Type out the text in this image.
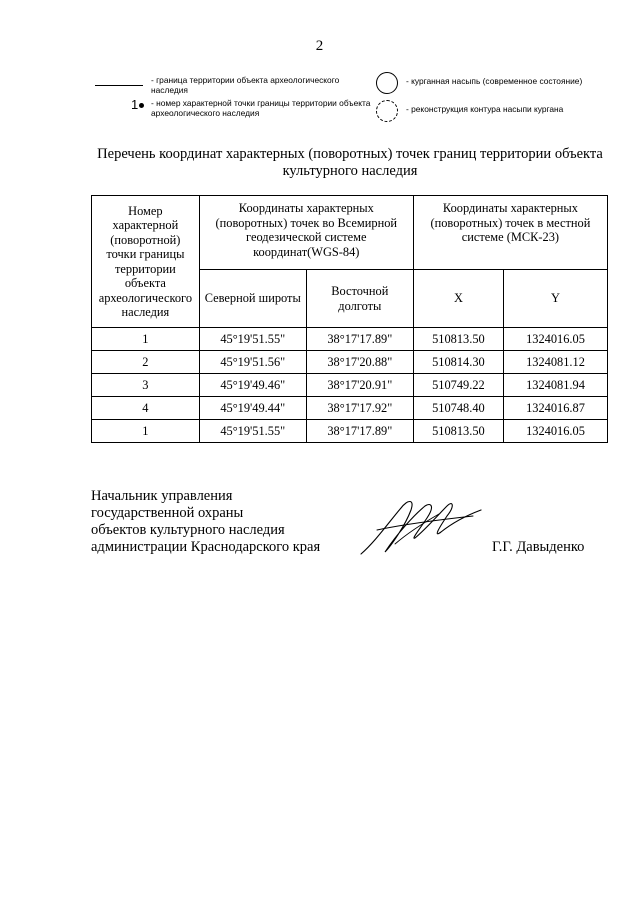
2
- граница территории объекта археологического наследия
1	- номер характерной точки границы территории объекта археологического наследия
- курганная насыпь (современное состояние)
- реконструкция контура насыпи кургана
Перечень координат характерных (поворотных) точек границ территории объекта культурного наследия
Номер характерной (поворотной) точки границы территории объекта археологического наследия	Координаты характерных (поворотных) точек во Всемирной геодезической системе координат(WGS-84)		Координаты характерных (поворотных) точек в местной системе (МСК-23)	
	Северной широты	Восточной долготы	X	Y
1	45°19'51.55"	38°17'17.89"	510813.50	1324016.05
2	45°19'51.56"	38°17'20.88"	510814.30	1324081.12
3	45°19'49.46"	38°17'20.91"	510749.22	1324081.94
4	45°19'49.44"	38°17'17.92"	510748.40	1324016.87
1	45°19'51.55"	38°17'17.89"	510813.50	1324016.05
Начальник управления
государственной охраны
объектов культурного наследия
администрации Краснодарского края	Г.Г. Давыденко
